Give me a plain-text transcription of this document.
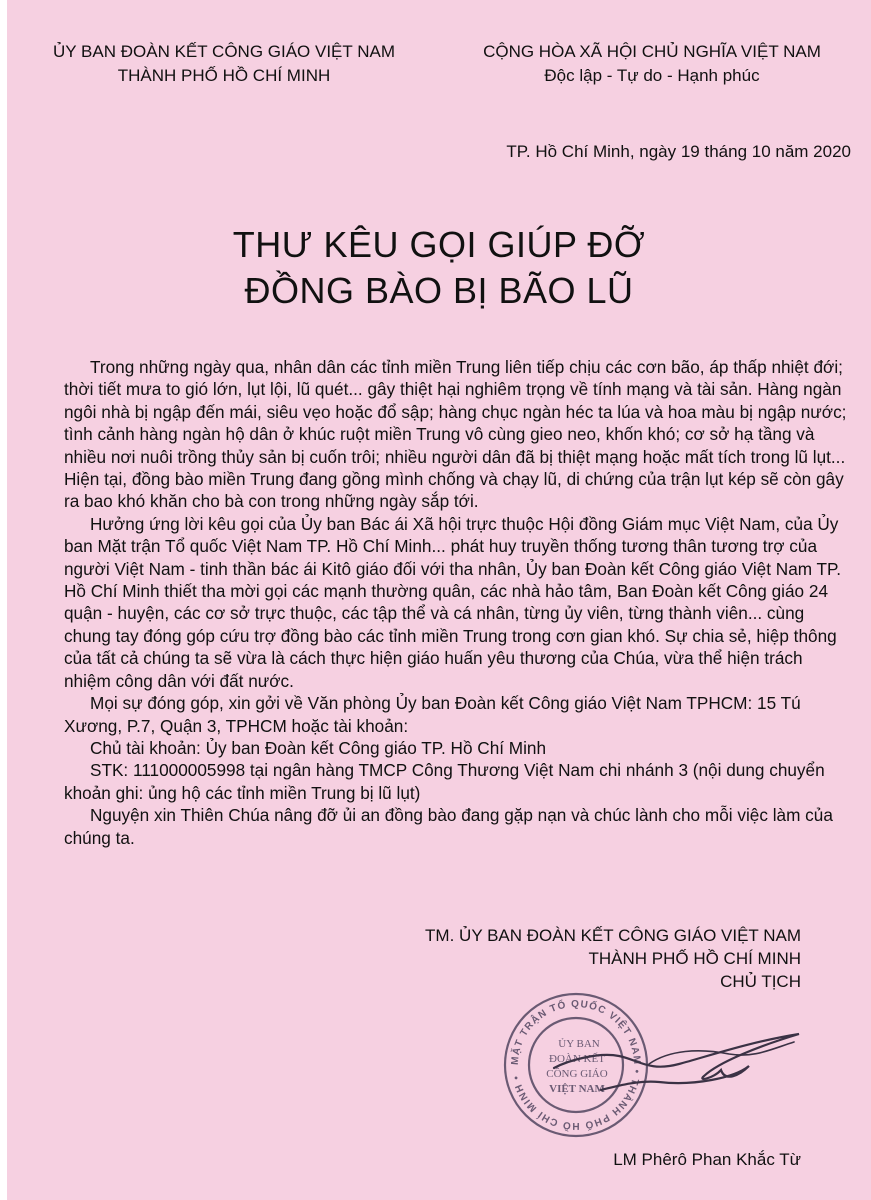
ỦY BAN ĐOÀN KẾT CÔNG GIÁO VIỆT NAM
THÀNH PHỐ HỒ CHÍ MINH
CỘNG HÒA XÃ HỘI CHỦ NGHĨA VIỆT NAM
Độc lập - Tự do - Hạnh phúc
TP. Hồ Chí Minh, ngày 19 tháng 10 năm 2020
THƯ KÊU GỌI GIÚP ĐỠ
ĐỒNG BÀO BỊ BÃO LŨ

Trong những ngày qua, nhân dân các tỉnh miền Trung liên tiếp chịu các cơn bão, áp thấp nhiệt đới; thời tiết mưa to gió lớn, lụt lội, lũ quét... gây thiệt hại nghiêm trọng về tính mạng và tài sản. Hàng ngàn ngôi nhà bị ngập đến mái, siêu vẹo hoặc đổ sập; hàng chục ngàn héc ta lúa và hoa màu bị ngập nước; tình cảnh hàng ngàn hộ dân ở khúc ruột miền Trung vô cùng gieo neo, khốn khó; cơ sở hạ tầng và nhiều nơi nuôi trồng thủy sản bị cuốn trôi; nhiều người dân đã bị thiệt mạng hoặc mất tích trong lũ lụt... Hiện tại, đồng bào miền Trung đang gồng mình chống và chạy lũ, di chứng của trận lụt kép sẽ còn gây ra bao khó khăn cho bà con trong những ngày sắp tới.

Hưởng ứng lời kêu gọi của Ủy ban Bác ái Xã hội trực thuộc Hội đồng Giám mục Việt Nam, của Ủy ban Mặt trận Tổ quốc Việt Nam TP. Hồ Chí Minh... phát huy truyền thống tương thân tương trợ của người Việt Nam - tinh thần bác ái Kitô giáo đối với tha nhân, Ủy ban Đoàn kết Công giáo Việt Nam TP. Hồ Chí Minh thiết tha mời gọi các mạnh thường quân, các nhà hảo tâm, Ban Đoàn kết Công giáo 24 quận - huyện, các cơ sở trực thuộc, các tập thể và cá nhân, từng ủy viên, từng thành viên... cùng chung tay đóng góp cứu trợ đồng bào các tỉnh miền Trung trong cơn gian khó. Sự chia sẻ, hiệp thông của tất cả chúng ta sẽ vừa là cách thực hiện giáo huấn yêu thương của Chúa, vừa thể hiện trách nhiệm công dân với đất nước.

Mọi sự đóng góp, xin gởi về Văn phòng Ủy ban Đoàn kết Công giáo Việt Nam TPHCM: 15 Tú Xương, P.7, Quận 3, TPHCM hoặc tài khoản:

Chủ tài khoản: Ủy ban Đoàn kết Công giáo TP. Hồ Chí Minh

STK: 111000005998 tại ngân hàng TMCP Công Thương Việt Nam chi nhánh 3 (nội dung chuyển khoản ghi: ủng hộ các tỉnh miền Trung bị lũ lụt)

Nguyện xin Thiên Chúa nâng đỡ ủi an đồng bào đang gặp nạn và chúc lành cho mỗi việc làm của chúng ta.

TM. ỦY BAN ĐOÀN KẾT CÔNG GIÁO VIỆT NAM
THÀNH PHỐ HỒ CHÍ MINH
CHỦ TỊCH
MẶT TRẬN TỔ QUỐC VIỆT NAM • THÀNH PHỐ HỒ CHÍ MINH •
ỦY BAN
ĐOÀN KẾT
CÔNG GIÁO
VIỆT NAM
LM Phêrô Phan Khắc Từ
